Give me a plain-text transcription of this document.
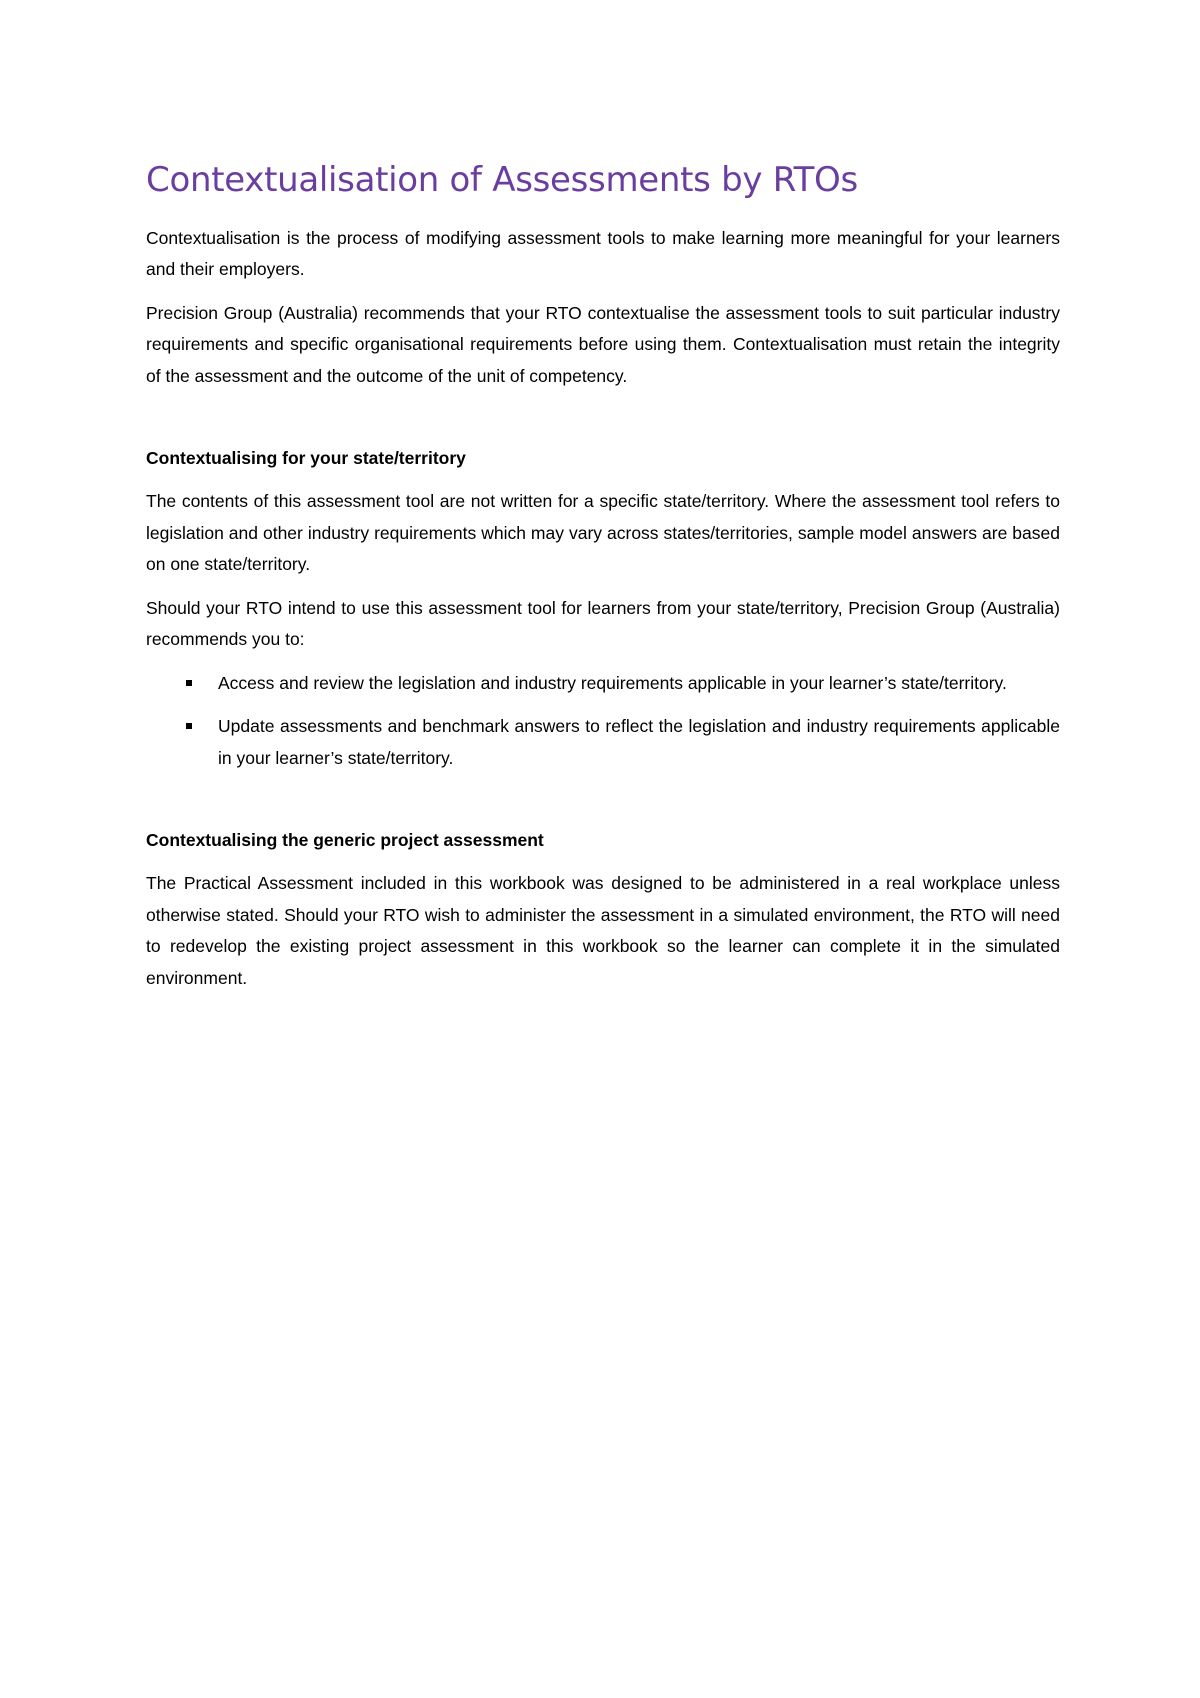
Contextualisation of Assessments by RTOs

Contextualisation is the process of modifying assessment tools to make learning more meaningful for your learners and their employers.

Precision Group (Australia) recommends that your RTO contextualise the assessment tools to suit particular industry requirements and specific organisational requirements before using them. Contextualisation must retain the integrity of the assessment and the outcome of the unit of competency.

Contextualising for your state/territory

The contents of this assessment tool are not written for a specific state/territory. Where the assessment tool refers to legislation and other industry requirements which may vary across states/territories, sample model answers are based on one state/territory.

Should your RTO intend to use this assessment tool for learners from your state/territory, Precision Group (Australia) recommends you to:

Access and review the legislation and industry requirements applicable in your learner’s state/territory.
Update assessments and benchmark answers to reflect the legislation and industry requirements applicable in your learner’s state/territory.
Contextualising the generic project assessment

The Practical Assessment included in this workbook was designed to be administered in a real workplace unless otherwise stated. Should your RTO wish to administer the assessment in a simulated environment, the RTO will need to redevelop the existing project assessment in this workbook so the learner can complete it in the simulated environment.
